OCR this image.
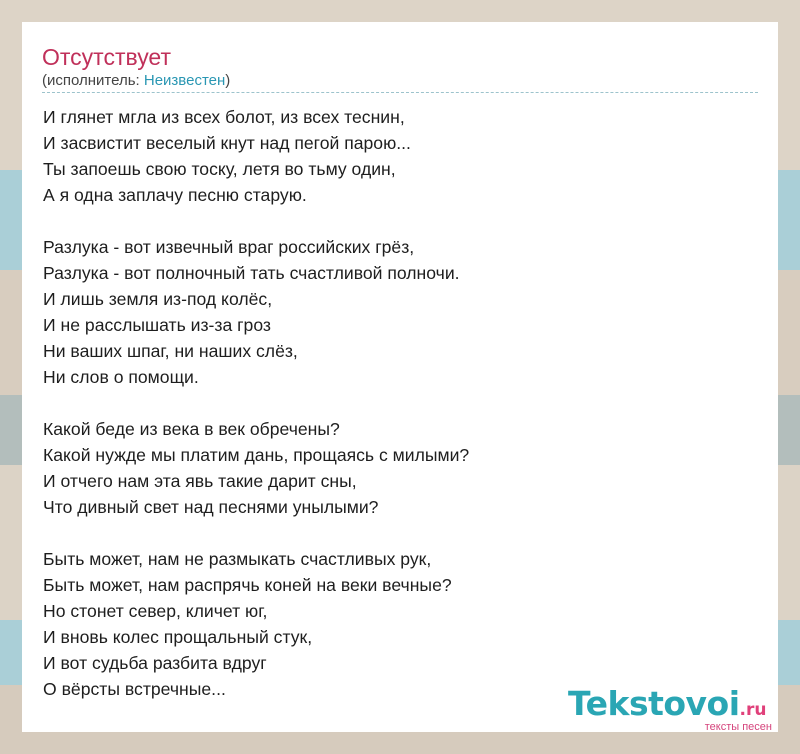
Отсутствует
(исполнитель: Неизвестен)

И глянет мгла из всех болот, из всех теснин,
И засвистит веселый кнут над пегой парою...
Ты запоешь свою тоску, летя во тьму один,
А я одна заплачу песню старую.

Разлука - вот извечный враг российских грёз,
Разлука - вот полночный тать счастливой полночи.
И лишь земля из-под колёс,
И не расслышать из-за гроз
Ни ваших шпаг, ни наших слёз,
Ни слов о помощи.

Какой беде из века в век обречены?
Какой нужде мы платим дань, прощаясь с милыми?
И отчего нам эта явь такие дарит сны,
Что дивный свет над песнями унылыми?

Быть может, нам не размыкать счастливых рук,
Быть может, нам распрячь коней на веки вечные?
Но стонет север, кличет юг,
И вновь колес прощальный стук,
И вот судьба разбита вдруг
О вёрсты встречные...	Tekstovoi.ru
тексты песен
